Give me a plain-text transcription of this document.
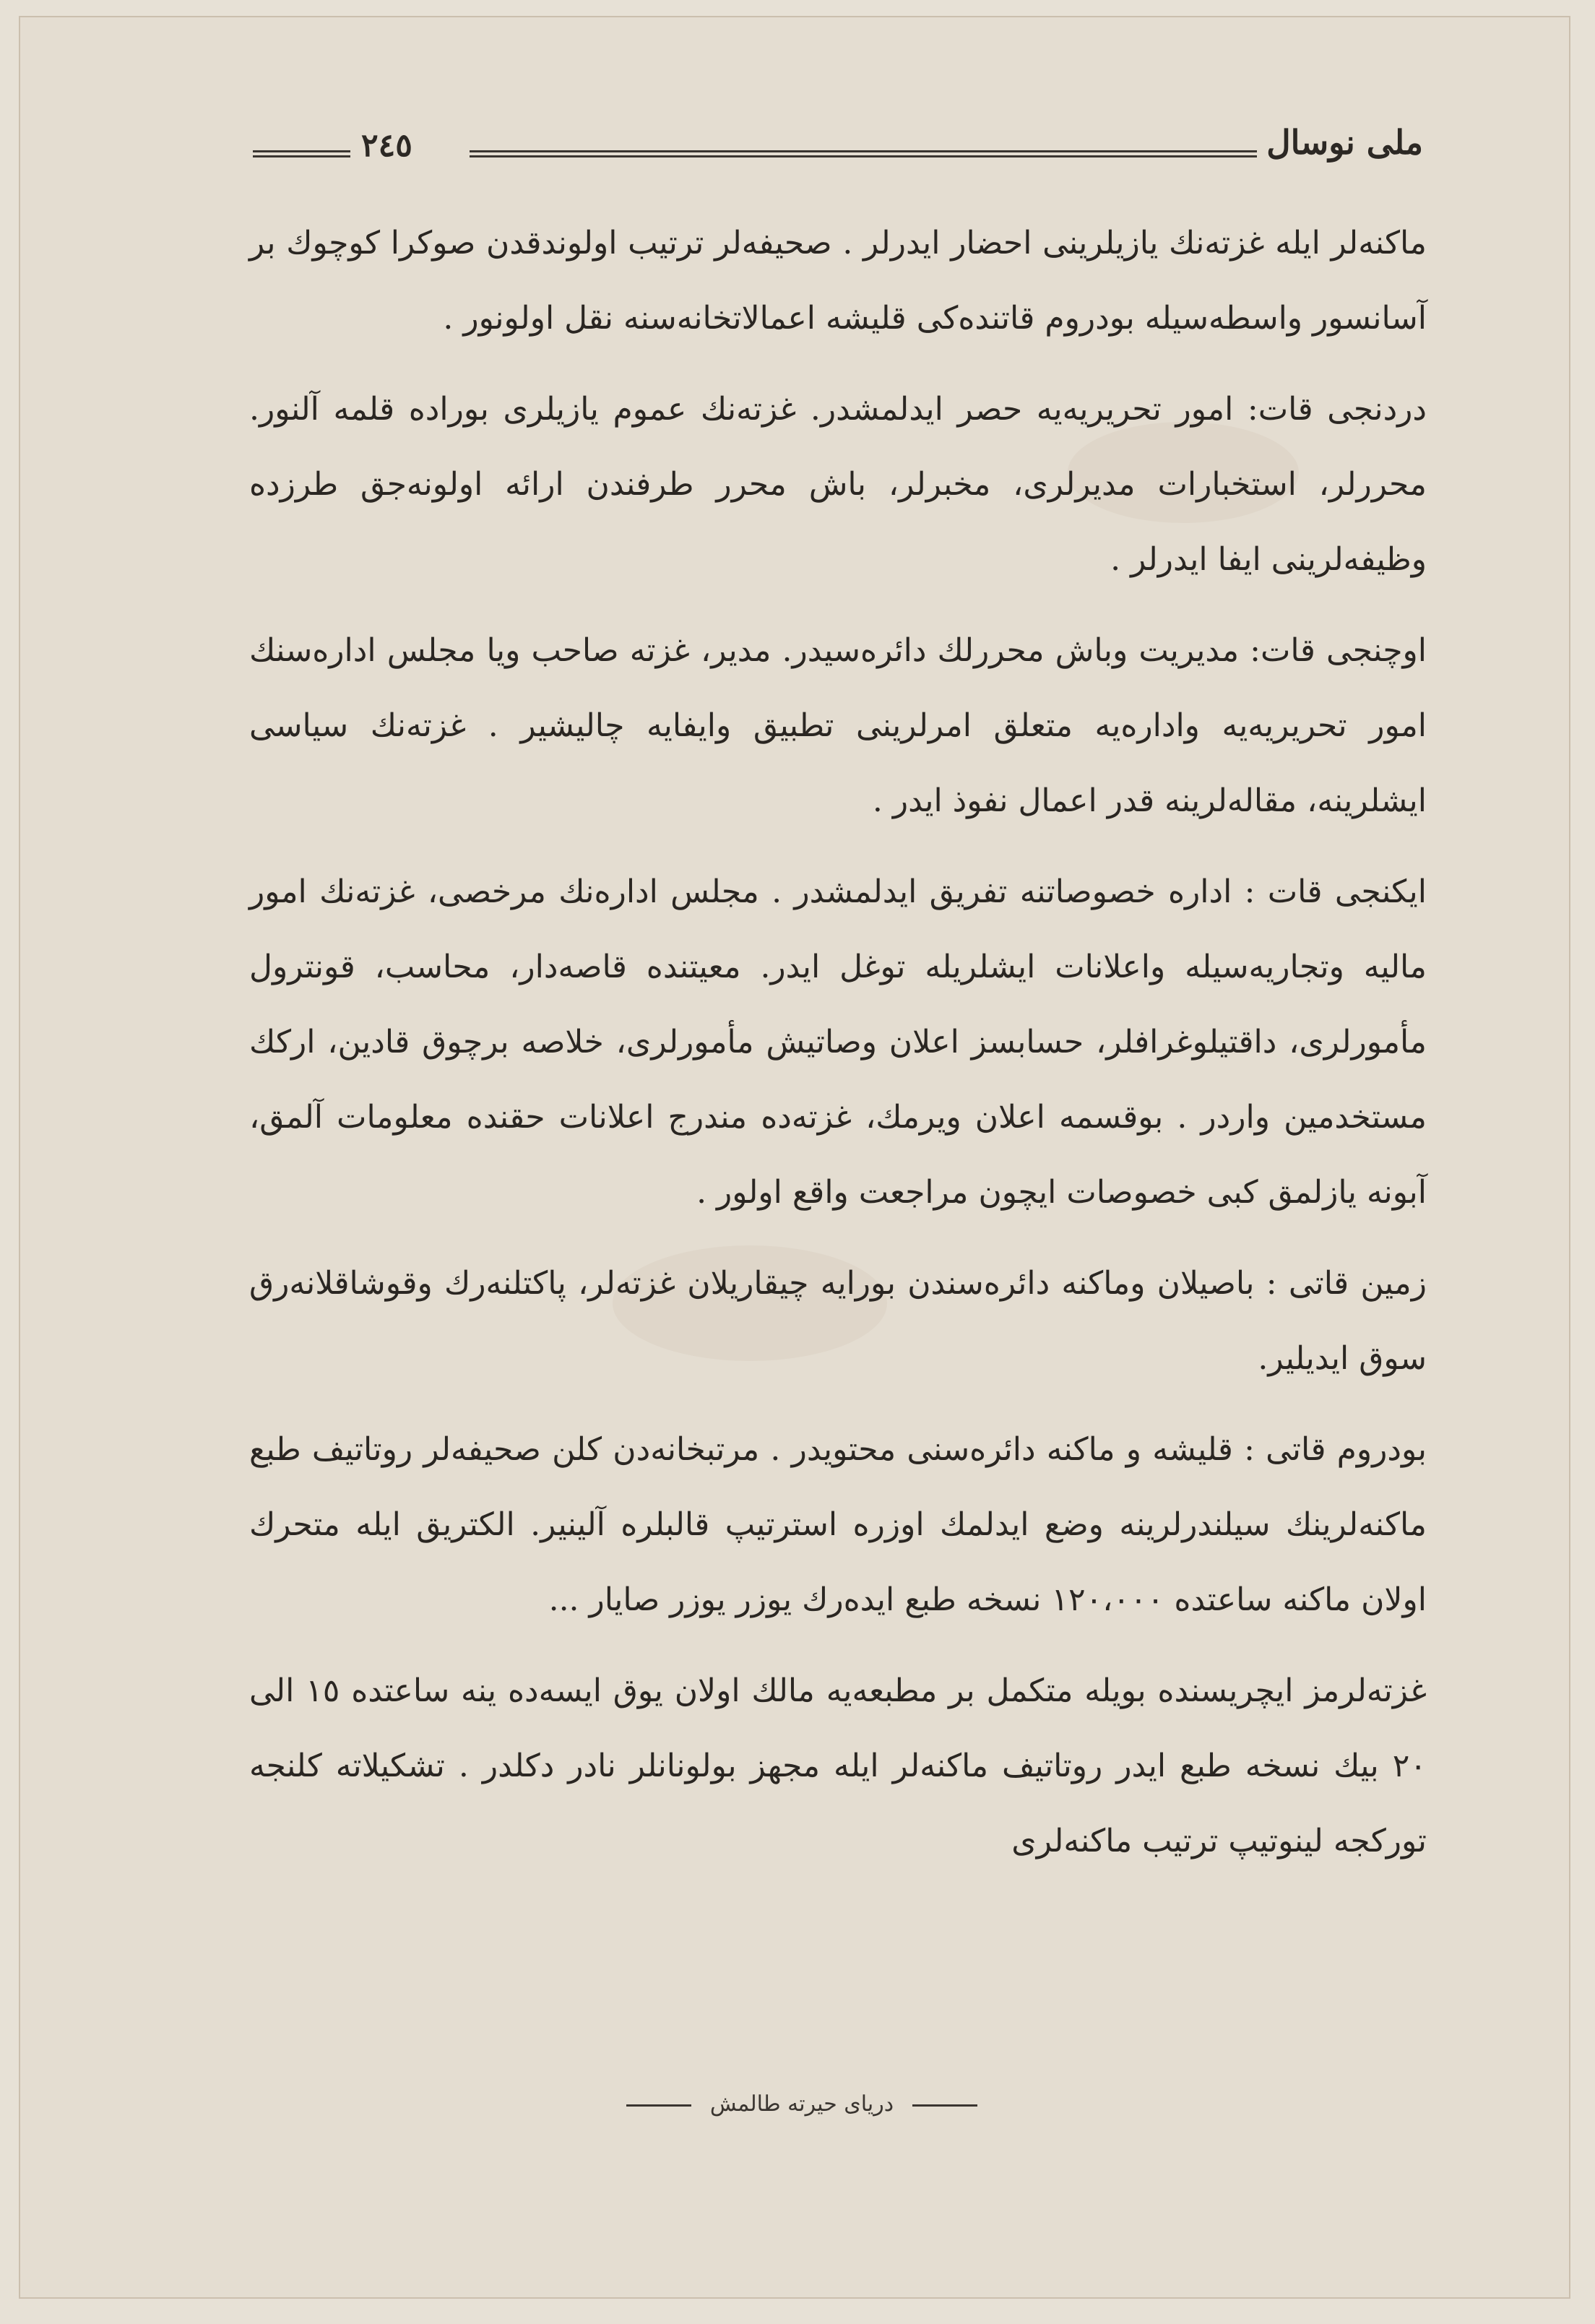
ملی نوسال
٢٤٥

ماکنەلر ایلە غزتەنك یازیلرینی احضار ایدرلر . صحیفەلر ترتیب اولوندقدن صوکرا کوچوك بر آسانسور واسطەسیلە بودروم قاتندەکی قلیشە اعمالاتخانەسنە نقل اولونور .

دردنجی قات: امور تحریریەیە حصر ایدلمشدر. غزتەنك عموم یازیلری بوراده قلمە آلنور. محررلر، استخبارات مدیرلری، مخبرلر، باش محرر طرفندن ارائە اولونەجق طرزده وظیفەلرینی ایفا ایدرلر .

اوچنجی قات: مدیریت وباش محررلك دائرەسیدر. مدیر، غزتە صاحب ویا مجلس ادارەسنك امور تحریریەیە وادارەیە متعلق امرلرینی تطبیق وایفایە چالیشیر . غزتەنك سیاسی ایشلرینە، مقالەلرینە قدر اعمال نفوذ ایدر .

ایکنجی قات : ادارە خصوصاتنە تفریق ایدلمشدر . مجلس ادارەنك مرخصی، غزتەنك امور مالیە وتجاریەسیلە واعلانات ایشلریلە توغل ایدر. معیتندە قاصەدار، محاسب، قونترول مأمورلری، داقتیلوغرافلر، حسابسز اعلان وصاتیش مأمورلری، خلاصە برچوق قادین، ارکك مستخدمین واردر . بوقسمە اعلان ویرمك، غزتەدە مندرج اعلانات حقندە معلومات آلمق، آبونە یازلمق کبی خصوصات ایچون مراجعت واقع اولور .

زمین قاتی : باصیلان وماکنە دائرەسندن بورایە چیقاریلان غزتەلر، پاکتلنەرك وقوشاقلانەرق سوق ایدیلیر.

بودروم قاتی : قلیشە و ماکنە دائرەسنی محتویدر . مرتبخانەدن کلن صحیفەلر روتاتیف طبع ماکنەلرینك سیلندرلرینە وضع ایدلمك اوزرە استرتیپ قالبلرە آلینیر. الکتریق ایلە متحرك اولان ماکنە ساعتدە ١٢٠،٠٠٠ نسخە طبع ایدەرك یوزر یوزر صایار ...

غزتەلرمز ایچریسندە بویلە متکمل بر مطبعەیە مالك اولان یوق ایسەدە ینە ساعتدە ١٥ الی ٢٠ بیك نسخە طبع ایدر روتاتیف ماکنەلر ایلە مجهز بولونانلر نادر دکلدر . تشکیلاتە کلنجە تورکجە لینوتیپ ترتیب ماکنەلری

دریای حیرتە طالمش
